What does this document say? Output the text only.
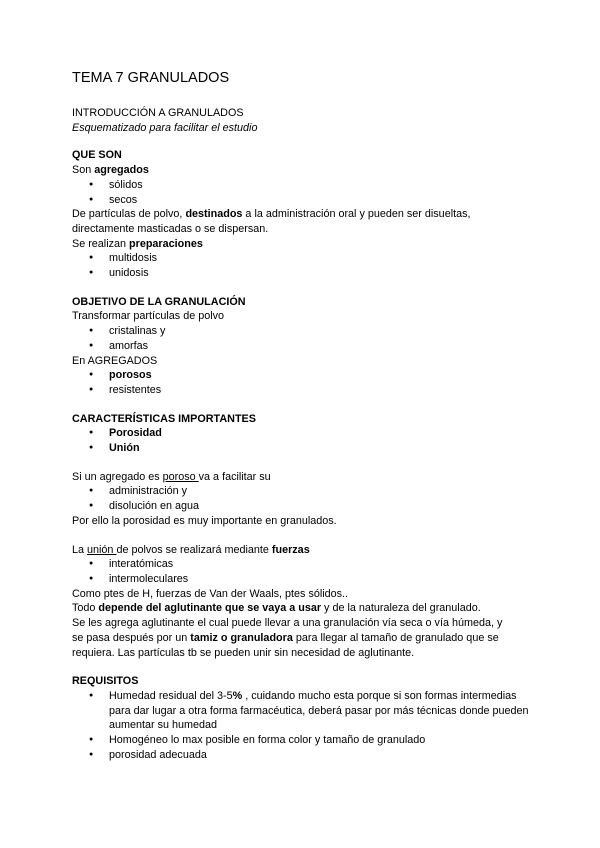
TEMA 7 GRANULADOS

INTRODUCCIÓN A GRANULADOS

Esquematizado para facilitar el estudio

QUE SON

Son agregados

● sólidos
● secos

De partículas de polvo, destinados a la administración oral y pueden ser disueltas,

directamente masticadas o se dispersan.

Se realizan preparaciones

● multidosis
● unidosis

OBJETIVO DE LA GRANULACIÓN

Transformar partículas de polvo

● cristalinas y
● amorfas

En AGREGADOS

● porosos
● resistentes

CARACTERÍSTICAS IMPORTANTES

● Porosidad
● Unión

Si un agregado es poroso va a facilitar su

● administración y
● disolución en agua

Por ello la porosidad es muy importante en granulados.

La unión de polvos se realizará mediante fuerzas

● interatómicas
● intermoleculares

Como ptes de H, fuerzas de Van der Waals, ptes sólidos..

Todo depende del aglutinante que se vaya a usar y de la naturaleza del granulado.

Se les agrega aglutinante el cual puede llevar a una granulación vía seca o vía húmeda, y

se pasa después por un tamiz o granuladora para llegar al tamaño de granulado que se

requiera. Las partículas tb se pueden unir sin necesidad de aglutinante.

REQUISITOS

● Humedad residual del 3-5% , cuidando mucho esta porque si son formas intermedias para dar lugar a otra forma farmacéutica, deberá pasar por más técnicas donde pueden aumentar su humedad
● Homogéneo lo max posible en forma color y tamaño de granulado
● porosidad adecuada
